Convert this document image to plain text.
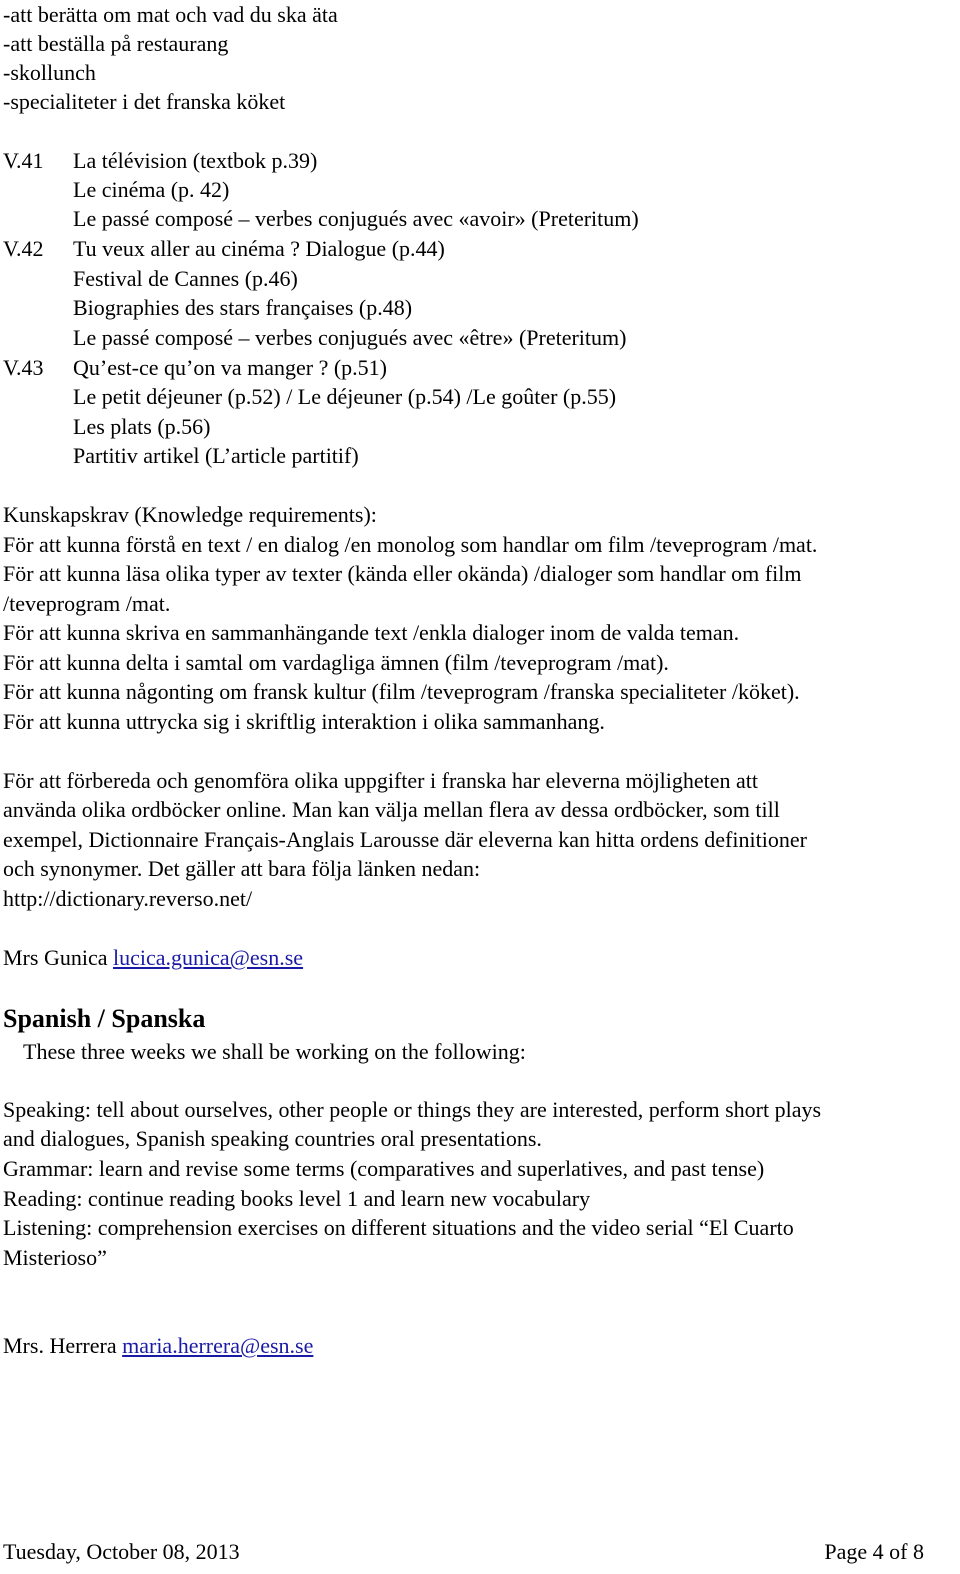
-att berätta om mat och vad du ska äta
-att beställa på restaurang
-skollunch
-specialiteter i det franska köket
V.41 La télévision (textbok p.39)
Le cinéma (p. 42)
Le passé composé – verbes conjugués avec «avoir» (Preteritum)
V.42 Tu veux aller au cinéma ? Dialogue (p.44)
Festival de Cannes (p.46)
Biographies des stars françaises (p.48)
Le passé composé – verbes conjugués avec «être» (Preteritum)
V.43 Qu’est-ce qu’on va manger ? (p.51)
Le petit déjeuner (p.52) / Le déjeuner (p.54) /Le goûter (p.55)
Les plats (p.56)
Partitiv artikel (L’article partitif)
Kunskapskrav (Knowledge requirements):
För att kunna förstå en text / en dialog /en monolog som handlar om film /teveprogram /mat.
För att kunna läsa olika typer av texter (kända eller okända) /dialoger som handlar om film
/teveprogram /mat.
För att kunna skriva en sammanhängande text /enkla dialoger inom de valda teman.
För att kunna delta i samtal om vardagliga ämnen (film /teveprogram /mat).
För att kunna någonting om fransk kultur (film /teveprogram /franska specialiteter /köket).
För att kunna uttrycka sig i skriftlig interaktion i olika sammanhang.
För att förbereda och genomföra olika uppgifter i franska har eleverna möjligheten att
använda olika ordböcker online. Man kan välja mellan flera av dessa ordböcker, som till
exempel, Dictionnaire Français-Anglais Larousse där eleverna kan hitta ordens definitioner
och synonymer. Det gäller att bara följa länken nedan:
http://dictionary.reverso.net/
Mrs Gunica lucica.gunica@esn.se
Spanish / Spanska
These three weeks we shall be working on the following:
Speaking: tell about ourselves, other people or things they are interested, perform short plays
and dialogues, Spanish speaking countries oral presentations.
Grammar: learn and revise some terms (comparatives and superlatives, and past tense)
Reading: continue reading books level 1 and learn new vocabulary
Listening: comprehension exercises on different situations and the video serial “El Cuarto
Misterioso”
Mrs. Herrera maria.herrera@esn.se
Tuesday, October 08, 2013	Page 4 of 8
